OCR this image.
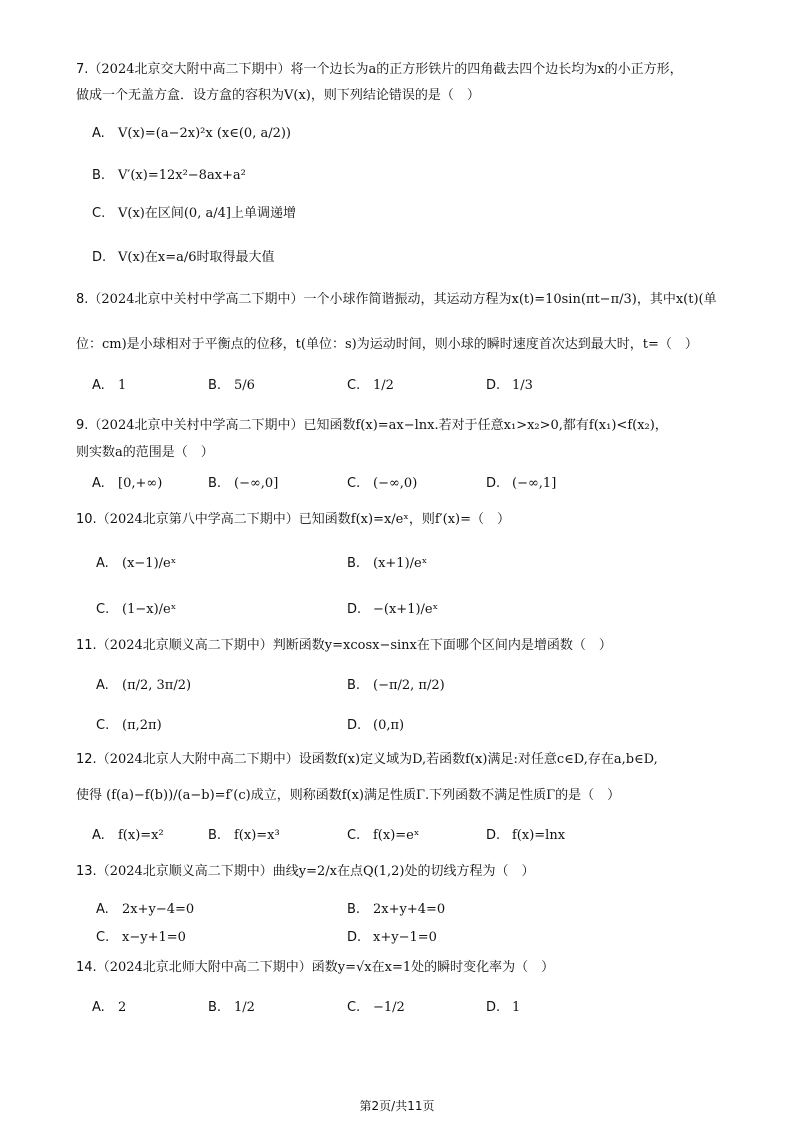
7.（2024北京交大附中高二下期中）将一个边长为a的正方形铁片的四角截去四个边长均为x的小正方形，
做成一个无盖方盒．设方盒的容积为V(x)，则下列结论错误的是（　）
A. V(x)=(a−2x)²x (x∈(0, a/2))
B. V′(x)=12x²−8ax+a²
C. V(x)在区间(0, a/4]上单调递增
D. V(x)在x=a/6时取得最大值
8.（2024北京中关村中学高二下期中）一个小球作简谐振动，其运动方程为x(t)=10sin(πt−π/3)，其中x(t)(单
位：cm)是小球相对于平衡点的位移，t(单位：s)为运动时间，则小球的瞬时速度首次达到最大时，t=（　）
A. 1	B. 5/6	C. 1/2	D. 1/3
9.（2024北京中关村中学高二下期中）已知函数f(x)=ax−lnx.若对于任意x₁>x₂>0,都有f(x₁)<f(x₂)，
则实数a的范围是（　）
A. [0,+∞)	B. (−∞,0]	C. (−∞,0)	D. (−∞,1]
10.（2024北京第八中学高二下期中）已知函数f(x)=x/eˣ，则f′(x)=（　）
A. (x−1)/eˣ	B. (x+1)/eˣ
C. (1−x)/eˣ	D. −(x+1)/eˣ
11.（2024北京顺义高二下期中）判断函数y=xcosx−sinx在下面哪个区间内是增函数（　）
A. (π/2, 3π/2)	B. (−π/2, π/2)
C. (π,2π)	D. (0,π)
12.（2024北京人大附中高二下期中）设函数f(x)定义域为D,若函数f(x)满足:对任意c∈D,存在a,b∈D,
使得 (f(a)−f(b))/(a−b)=f′(c)成立，则称函数f(x)满足性质Γ.下列函数不满足性质Γ的是（　）
A. f(x)=x²	B. f(x)=x³	C. f(x)=eˣ	D. f(x)=lnx
13.（2024北京顺义高二下期中）曲线y=2/x在点Q(1,2)处的切线方程为（　）
A. 2x+y−4=0	B. 2x+y+4=0
C. x−y+1=0	D. x+y−1=0
14.（2024北京北师大附中高二下期中）函数y=√x在x=1处的瞬时变化率为（　）
A. 2	B. 1/2	C. −1/2	D. 1
第2页/共11页
